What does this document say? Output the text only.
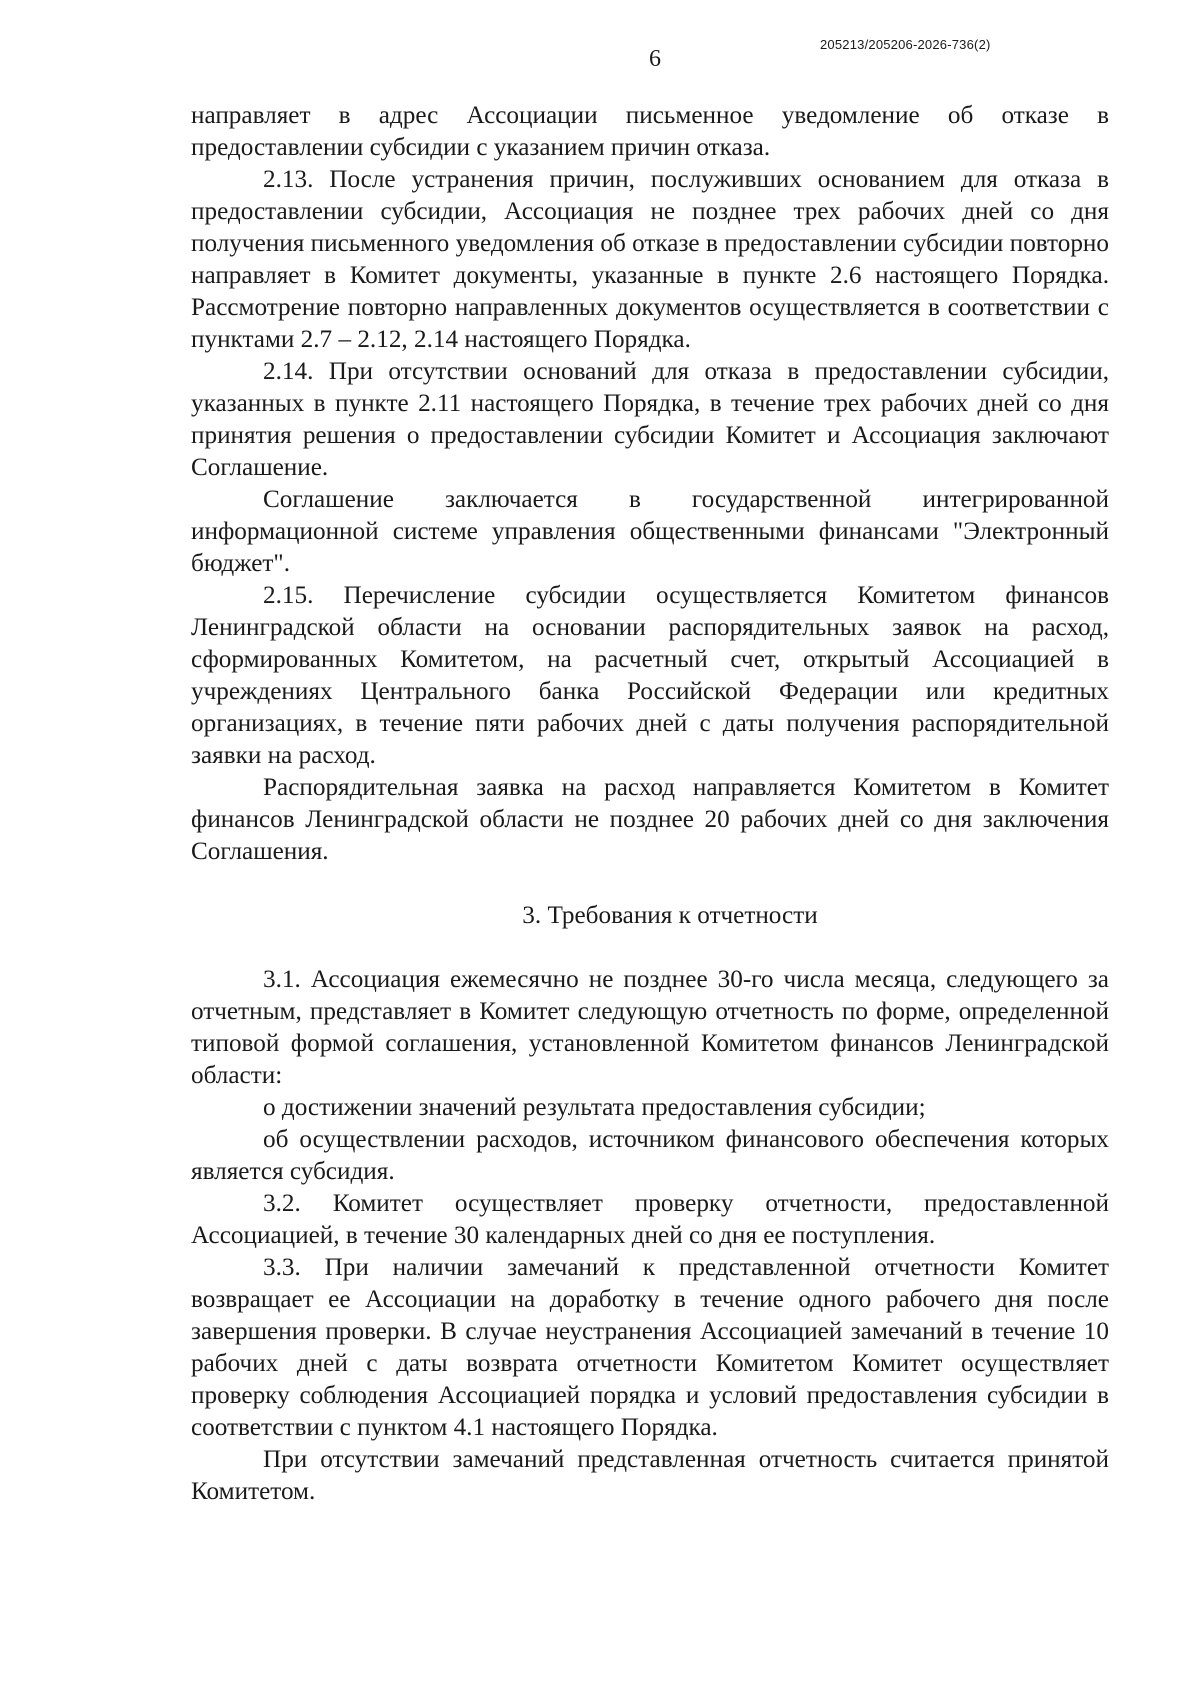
205213/205206-2026-736(2)
6

направляет в адрес Ассоциации письменное уведомление об отказе в предоставлении субсидии с указанием причин отказа.

2.13. После устранения причин, послуживших основанием для отказа в предоставлении субсидии, Ассоциация не позднее трех рабочих дней со дня получения письменного уведомления об отказе в предоставлении субсидии повторно направляет в Комитет документы, указанные в пункте 2.6 настоящего Порядка. Рассмотрение повторно направленных документов осуществляется в соответствии с пунктами 2.7 – 2.12, 2.14 настоящего Порядка.

2.14. При отсутствии оснований для отказа в предоставлении субсидии, указанных в пункте 2.11 настоящего Порядка, в течение трех рабочих дней со дня принятия решения о предоставлении субсидии Комитет и Ассоциация заключают Соглашение.

Соглашение заключается в государственной интегрированной информационной системе управления общественными финансами "Электронный бюджет".

2.15. Перечисление субсидии осуществляется Комитетом финансов Ленинградской области на основании распорядительных заявок на расход, сформированных Комитетом, на расчетный счет, открытый Ассоциацией в учреждениях Центрального банка Российской Федерации или кредитных организациях, в течение пяти рабочих дней с даты получения распорядительной заявки на расход.

Распорядительная заявка на расход направляется Комитетом в Комитет финансов Ленинградской области не позднее 20 рабочих дней со дня заключения Соглашения.

3. Требования к отчетности

3.1. Ассоциация ежемесячно не позднее 30-го числа месяца, следующего за отчетным, представляет в Комитет следующую отчетность по форме, определенной типовой формой соглашения, установленной Комитетом финансов Ленинградской области:

о достижении значений результата предоставления субсидии;

об осуществлении расходов, источником финансового обеспечения которых является субсидия.

3.2. Комитет осуществляет проверку отчетности, предоставленной Ассоциацией, в течение 30 календарных дней со дня ее поступления.

3.3. При наличии замечаний к представленной отчетности Комитет возвращает ее Ассоциации на доработку в течение одного рабочего дня после завершения проверки. В случае неустранения Ассоциацией замечаний в течение 10 рабочих дней с даты возврата отчетности Комитетом Комитет осуществляет проверку соблюдения Ассоциацией порядка и условий предоставления субсидии в соответствии с пунктом 4.1 настоящего Порядка.

При отсутствии замечаний представленная отчетность считается принятой Комитетом.
